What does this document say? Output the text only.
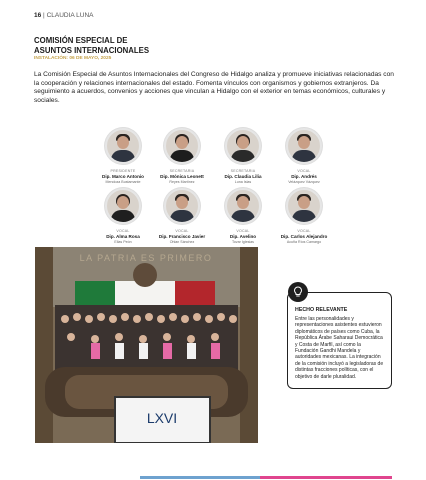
16 | CLAUDIA LUNA
COMISIÓN ESPECIAL DE
ASUNTOS INTERNACIONALES
INSTALACIÓN: 06 DE MAYO, 2025
La Comisión Especial de Asuntos Internacionales del Congreso de Hidalgo analiza y promueve iniciativas relacionadas con la cooperación y relaciones internacionales del estado. Fomenta vínculos con organismos y gobiernos extranjeros. Da seguimiento a acuerdos, convenios y acciones que vinculan a Hidalgo con el exterior en temas económicos, culturales y sociales.
PRESIDENTE
Dip. Marco Antonio
Mendoza Bustamante
SECRETARIA
Dip. Mónica Leonett
Reyes Martínez
SECRETARIA
Dip. Claudia Lilia
Luna Islas
VOCAL
Dip. Andrés
Velázquez Vázquez
VOCAL
Dip. Alma Rosa
Ellas Peón
VOCAL
Dip. Francisco Javier
Ohlan Sánchez
VOCAL
Dip. Avelino
Tovar Iglesias
VOCAL
Dip. Carlos Alejandro
Acuña Ríos Camargo
LXVI
LA PATRIA ES PRIMERO
HECHO RELEVANTE

Entre las personalidades y representaciones asistentes estuvieron diplomáticos de países como Cuba, la República Árabe Saharaui Democrática y Costa de Marfil, así como la Fundación Gandhi Mandela y autoridades mexicanas. La integración de la comisión incluyó a legisladoras de distintas fracciones políticas, con el objetivo de darle pluralidad.
